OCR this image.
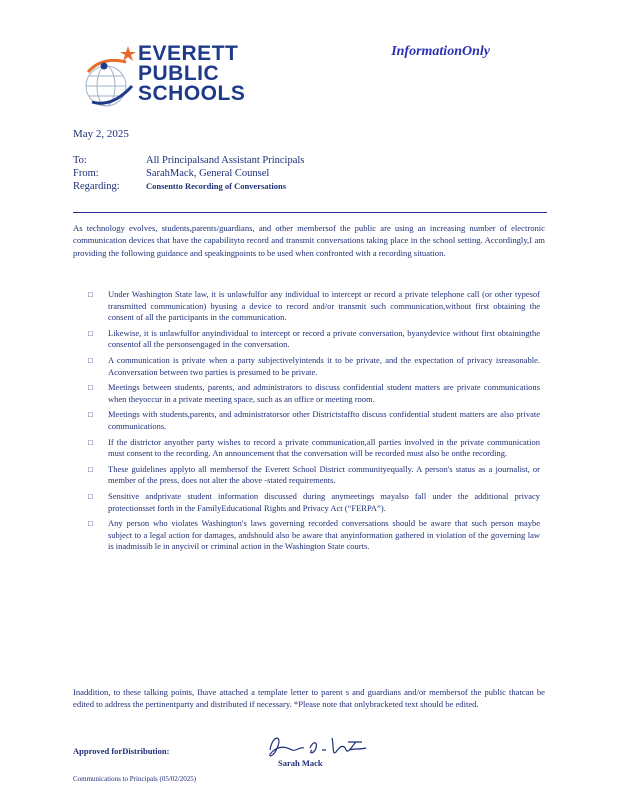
EVERETT
PUBLIC
SCHOOLS
InformationOnly
May 2, 2025
To:	All Principalsand Assistant Principals
From:	SarahMack, General Counsel
Regarding:	Consentto Recording of Conversations
As technology evolves, students,parents/guardians, and other membersof the public are using an increasing number of electronic communication devices that have the capabilityto record and transmit conversations taking place in the school setting. Accordingly,I am providing the following guidance and speakingpoints to be used when confronted with a recording situation.
□ Under Washington State law, it is unlawfulfor any individual to intercept or record a private telephone call (or other typesof transmitted communication) byusing a device to record and/or transmit such communication,without first obtaining the consent of all the participants in the communication.
□ Likewise, it is unlawfulfor anyindividual to intercept or record a private conversation, byanydevice without first obtainingthe consentof all the personsengaged in the conversation.
□ A communication is private when a party subjectivelyintends it to be private, and the expectation of privacy isreasonable. Aconversation between two parties is presumed to be private.
□ Meetings between students, parents, and administrators to discuss confidential student matters are private communications when theyoccur in a private meeting space, such as an office or meeting room.
□ Meetings with students,parents, and administratorsor other Districtstaffto discuss confidential student matters are also private communications.
□ If the districtor anyother party wishes to record a private communication,all parties involved in the private communication must consent to the recording. An announcement that the conversation will be recorded must also be onthe recording.
□ These guidelines applyto all membersof the Everett School District communityequally. A person's status as a journalist, or member of the press, does not alter the above -stated requirements.
□ Sensitive andprivate student information discussed during anymeetings mayalso fall under the additional privacy protectionsset forth in the FamilyEducational Rights and Privacy Act (“FERPA”).
□ Any person who violates Washington's laws governing recorded conversations should be aware that such person maybe subject to a legal action for damages, andshould also be aware that anyinformation gathered in violation of the governing law is inadmissib le in anycivil or criminal action in the Washington State courts.
Inaddition, to these talking points, Ihave attached a template letter to parent s and guardians and/or membersof the public thatcan be edited to address the pertinentparty and distributed if necessary. *Please note that onlybracketed text should be edited.
Approved forDistribution:
Sarah Mack
Communications to Principals (05/02/2025)
